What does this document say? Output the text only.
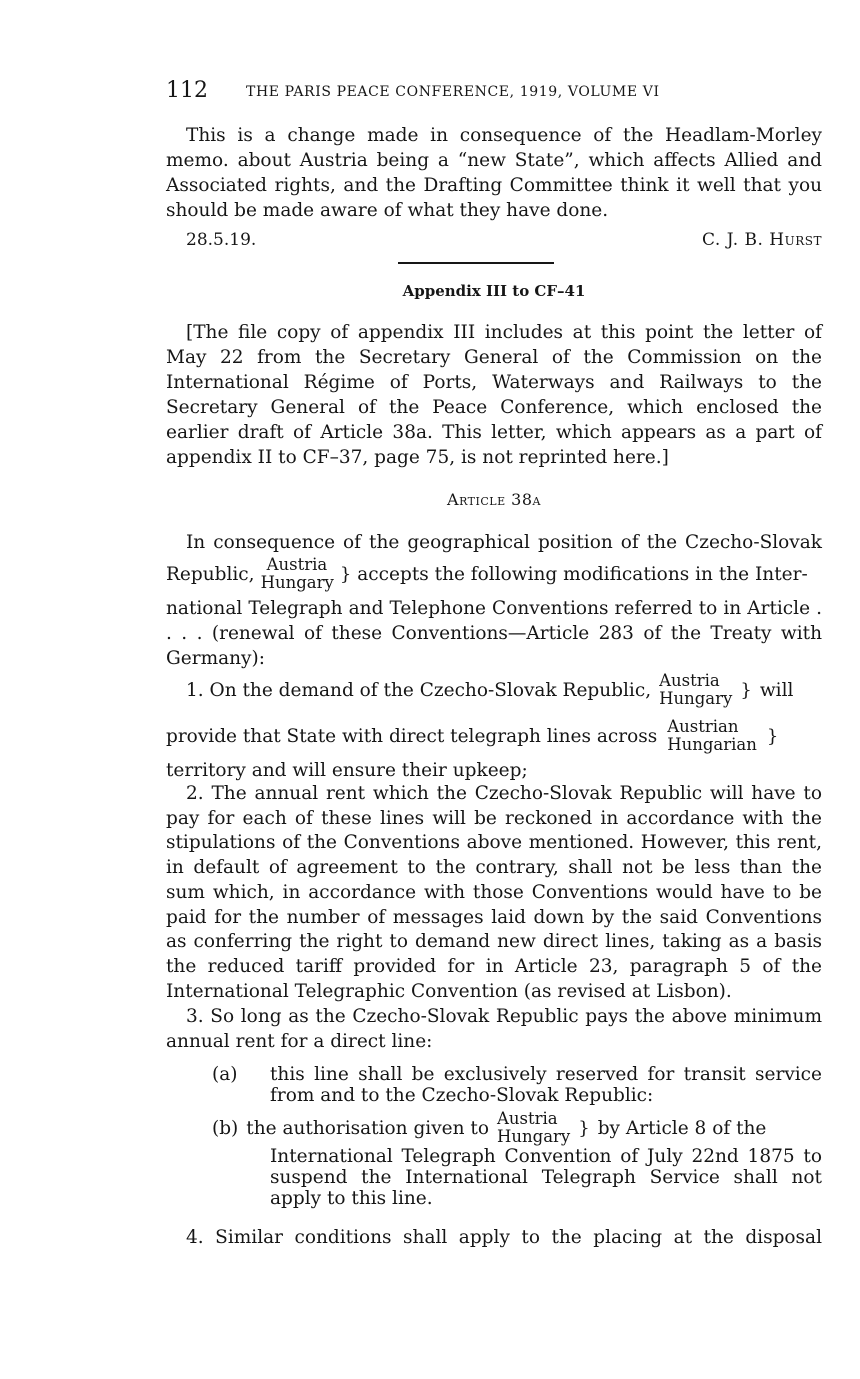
112	THE PARIS PEACE CONFERENCE, 1919, VOLUME VI

This is a change made in consequence of the Headlam-Morley memo. about Austria being a “new State”, which affects Allied and Associated rights, and the Drafting Committee think it well that you should be made aware of what they have done.

28.5.19.	C. J. B. Hurst
Appendix III to CF–41

[The file copy of appendix III includes at this point the letter of May 22 from the Secretary General of the Commission on the International Régime of Ports, Waterways and Railways to the Secretary General of the Peace Conference, which enclosed the earlier draft of Article 38a. This letter, which appears as a part of appendix II to CF–37, page 75, is not reprinted here.]

Article 38a

In consequence of the geographical position of the Czecho-Slovak

Republic, Austria
Hungary } accepts the following modifications in the Inter-

national Telegraph and Telephone Conventions referred to in Article . . . . (renewal of these Conventions—Article 283 of the Treaty with Germany):

1. On the demand of the Czecho-Slovak Republic, Austria
Hungary } will
provide that State with direct telegraph lines across Austrian
Hungarian }

territory and will ensure their upkeep;

2. The annual rent which the Czecho-Slovak Republic will have to pay for each of these lines will be reckoned in accordance with the stipulations of the Conventions above mentioned. However, this rent, in default of agreement to the contrary, shall not be less than the sum which, in accordance with those Conventions would have to be paid for the number of messages laid down by the said Conventions as conferring the right to demand new direct lines, taking as a basis the reduced tariff provided for in Article 23, paragraph 5 of the International Telegraphic Convention (as revised at Lisbon).

3. So long as the Czecho-Slovak Republic pays the above minimum annual rent for a direct line:

(a) this line shall be exclusively reserved for transit service from and to the Czecho-Slovak Republic:
(b) the authorisation given to Austria
Hungary } by Article 8 of the
International Telegraph Convention of July 22nd 1875 to suspend the International Telegraph Service shall not apply to this line.

4. Similar conditions shall apply to the placing at the disposal
